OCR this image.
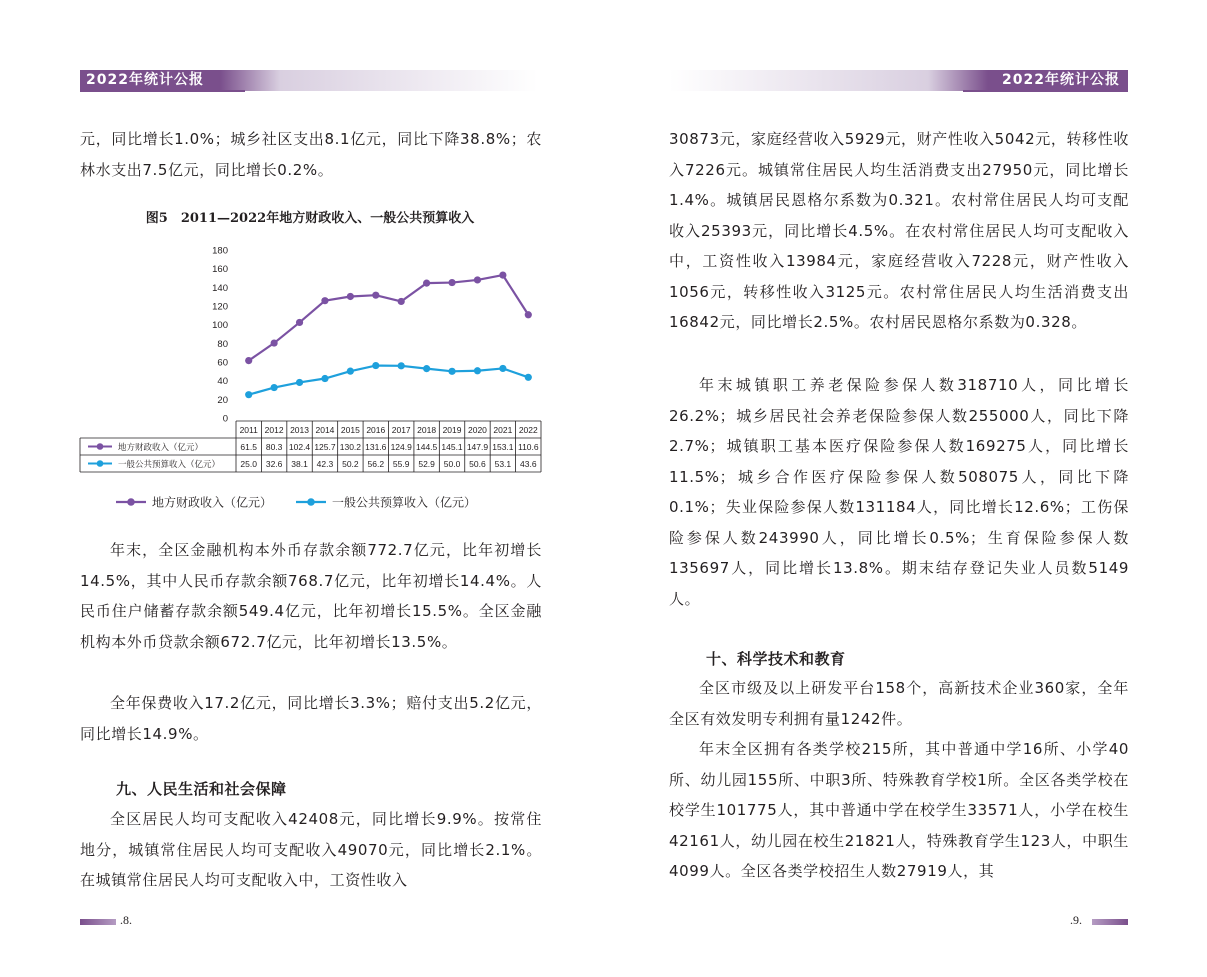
2022年统计公报	2022年统计公报

元，同比增长1.0%；城乡社区支出8.1亿元，同比下降38.8%；农林水支出7.5亿元，同比增长0.2%。

图5　2011—2022年地方财政收入、一般公共预算收入
0
20
40
60
80
100
120
140
160
180
2011 2012 2013 2014 2015 2016 2017 2018 2019 2020 2021 2022
地方财政收入（亿元）	61.5 80.3 102.4 125.7 130.2 131.6 124.9 144.5 145.1 147.9 153.1 110.6
一般公共预算收入（亿元） 25.0 32.6 38.1 42.3 50.2 56.2 55.9 52.9 50.0 50.6 53.1 43.6
地方财政收入（亿元）	一般公共预算收入（亿元）

年末，全区金融机构本外币存款余额772.7亿元，比年初增长14.5%，其中人民币存款余额768.7亿元，比年初增长14.4%。人民币住户储蓄存款余额549.4亿元，比年初增长15.5%。全区金融机构本外币贷款余额672.7亿元，比年初增长13.5%。

全年保费收入17.2亿元，同比增长3.3%；赔付支出5.2亿元，同比增长14.9%。

九、人民生活和社会保障

全区居民人均可支配收入42408元，同比增长9.9%。按常住地分，城镇常住居民人均可支配收入49070元，同比增长2.1%。在城镇常住居民人均可支配收入中，工资性收入

30873元，家庭经营收入5929元，财产性收入5042元，转移性收入7226元。城镇常住居民人均生活消费支出27950元，同比增长1.4%。城镇居民恩格尔系数为0.321。农村常住居民人均可支配收入25393元，同比增长4.5%。在农村常住居民人均可支配收入中，工资性收入13984元，家庭经营收入7228元，财产性收入1056元，转移性收入3125元。农村常住居民人均生活消费支出16842元，同比增长2.5%。农村居民恩格尔系数为0.328。

年末城镇职工养老保险参保人数318710人，同比增长26.2%；城乡居民社会养老保险参保人数255000人，同比下降2.7%；城镇职工基本医疗保险参保人数169275人，同比增长11.5%；城乡合作医疗保险参保人数508075人，同比下降0.1%；失业保险参保人数131184人，同比增长12.6%；工伤保险参保人数243990人，同比增长0.5%；生育保险参保人数135697人，同比增长13.8%。期末结存登记失业人员数5149人。

十、科学技术和教育

全区市级及以上研发平台158个，高新技术企业360家，全年全区有效发明专利拥有量1242件。

年末全区拥有各类学校215所，其中普通中学16所、小学40所、幼儿园155所、中职3所、特殊教育学校1所。全区各类学校在校学生101775人，其中普通中学在校学生33571人，小学在校生42161人，幼儿园在校生21821人，特殊教育学生123人，中职生4099人。全区各类学校招生人数27919人，其

.8.	.9.
